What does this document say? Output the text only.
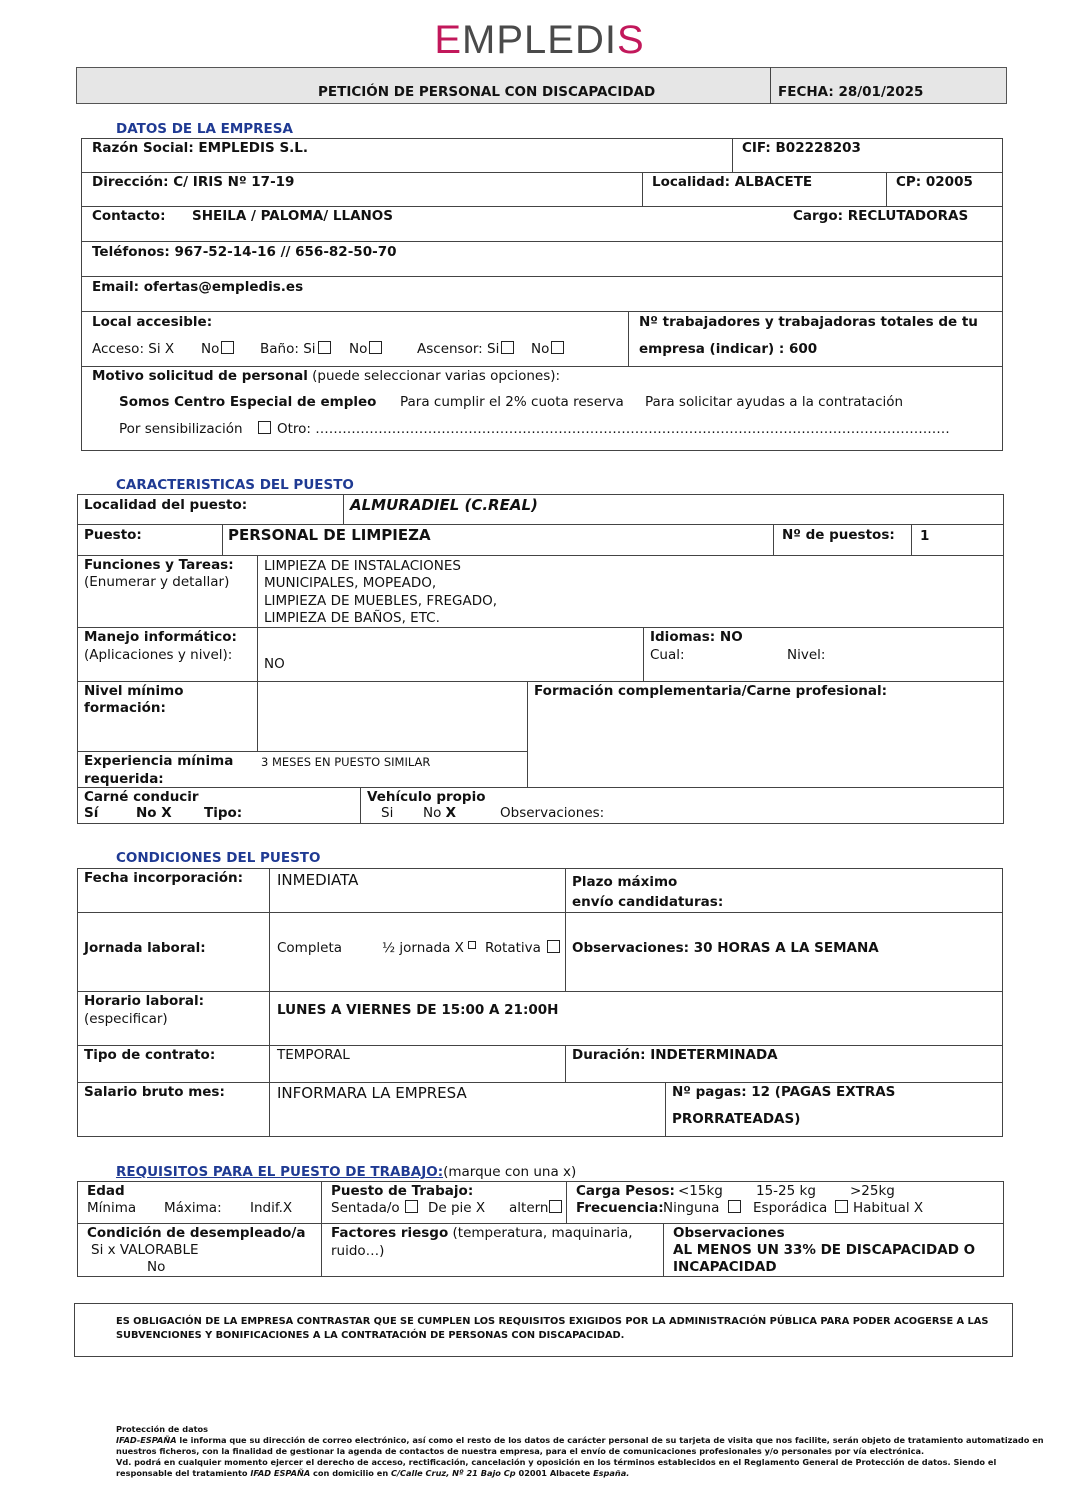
EMPLEDIS
PETICIÓN DE PERSONAL CON DISCAPACIDAD	FECHA: 28/01/2025
DATOS DE LA EMPRESA
Razón Social: EMPLEDIS S.L.	CIF: B02228203
Dirección: C/ IRIS Nº 17-19	Localidad: ALBACETE	CP: 02005
Contacto: SHEILA / PALOMA/ LLANOS	Cargo: RECLUTADORAS
Teléfonos: 967-52-14-16 // 656-82-50-70
Email: ofertas@empledis.es
Local accesible:
Acceso: Si X No	Baño: Si	No	Ascensor: Si	No
Nº trabajadores y trabajadoras totales de tu
empresa (indicar) : 600
Motivo solicitud de personal (puede seleccionar varias opciones):
Somos Centro Especial de empleo Para cumplir el 2% cuota reserva Para solicitar ayudas a la contratación
Por sensibilización	Otro: ……………………………………………………………………………………………………………………………
CARACTERISTICAS DEL PUESTO
Localidad del puesto:	ALMURADIEL (C.REAL)
Puesto:	PERSONAL DE LIMPIEZA	Nº de puestos: 1
Funciones y Tareas:
(Enumerar y detallar)
LIMPIEZA DE INSTALACIONES
MUNICIPALES, MOPEADO,
LIMPIEZA DE MUEBLES, FREGADO,
LIMPIEZA DE BAÑOS, ETC.
Manejo informático:
(Aplicaciones y nivel):
NO
Idiomas: NO
Cual:	Nivel:
Nivel mínimo
formación:
Formación complementaria/Carne profesional:
Experiencia mínima
requerida:
3 MESES EN PUESTO SIMILAR
Carné conducir
Sí	No X Tipo:
Vehículo propio
Si No X	Observaciones:
CONDICIONES DEL PUESTO
Fecha incorporación: INMEDIATA	Plazo máximo
envío candidaturas:
Jornada laboral:	Completa	½ jornada X	Rotativa	Observaciones: 30 HORAS A LA SEMANA
Horario laboral:
(especificar)
LUNES A VIERNES DE 15:00 A 21:00H
Tipo de contrato:	TEMPORAL	Duración: INDETERMINADA
Salario bruto mes:	INFORMARA LA EMPRESA	Nº pagas: 12 (PAGAS EXTRAS
PRORRATEADAS)
REQUISITOS PARA EL PUESTO DE TRABAJO:(marque con una x)
Edad
Mínima Máxima: Indif.X
Puesto de Trabajo:
Sentada/o	De pie X altern
Carga Pesos: <15kg 15-25 kg	>25kg
Frecuencia: Ninguna	Esporádica	Habitual X
Condición de desempleado/a
Si x VALORABLE
No
Factores riesgo (temperatura, maquinaria,
ruido…)
Observaciones
AL MENOS UN 33% DE DISCAPACIDAD O
INCAPACIDAD
ES OBLIGACIÓN DE LA EMPRESA CONTRASTAR QUE SE CUMPLEN LOS REQUISITOS EXIGIDOS POR LA ADMINISTRACIÓN PÚBLICA PARA PODER ACOGERSE A LAS
SUBVENCIONES Y BONIFICACIONES A LA CONTRATACIÓN DE PERSONAS CON DISCAPACIDAD.
Protección de datos
IFAD-ESPAÑA le informa que su dirección de correo electrónico, así como el resto de los datos de carácter personal de su tarjeta de visita que nos facilite, serán objeto de tratamiento automatizado en
nuestros ficheros, con la finalidad de gestionar la agenda de contactos de nuestra empresa, para el envío de comunicaciones profesionales y/o personales por vía electrónica.
Vd. podrá en cualquier momento ejercer el derecho de acceso, rectificación, cancelación y oposición en los términos establecidos en el Reglamento General de Protección de datos. Siendo el
responsable del tratamiento IFAD ESPAÑA con domicilio en C/Calle Cruz, Nº 21 Bajo Cp 02001 Albacete España.
